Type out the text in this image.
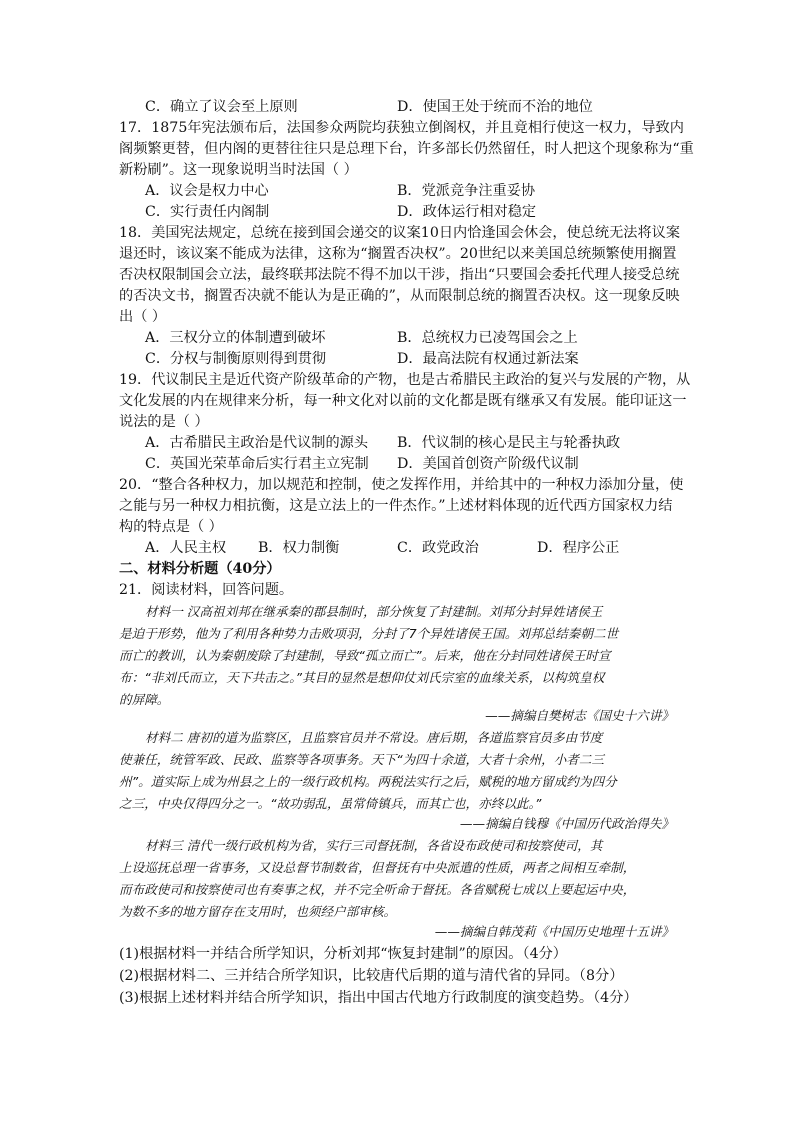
C．确立了议会至上原则	D．使国王处于统而不治的地位
17．1875年宪法颁布后，法国参众两院均获独立倒阁权，并且竟相行使这一权力，导致内
阁频繁更替，但内阁的更替往往只是总理下台，许多部长仍然留任，时人把这个现象称为“重
新粉刷”。这一现象说明当时法国（ ）
A．议会是权力中心	B．党派竞争注重妥协
C．实行责任内阁制	D．政体运行相对稳定
18．美国宪法规定，总统在接到国会递交的议案10日内恰逢国会休会，使总统无法将议案
退还时，该议案不能成为法律，这称为“搁置否决权”。20世纪以来美国总统频繁使用搁置
否决权限制国会立法，最终联邦法院不得不加以干涉，指出“只要国会委托代理人接受总统
的否决文书，搁置否决就不能认为是正确的”，从而限制总统的搁置否决权。这一现象反映
出（ ）
A．三权分立的体制遭到破坏	B．总统权力已凌驾国会之上
C．分权与制衡原则得到贯彻	D．最高法院有权通过新法案
19．代议制民主是近代资产阶级革命的产物，也是古希腊民主政治的复兴与发展的产物，从
文化发展的内在规律来分析，每一种文化对以前的文化都是既有继承又有发展。能印证这一
说法的是（ ）
A．古希腊民主政治是代议制的源头 B．代议制的核心是民主与轮番执政
C．英国光荣革命后实行君主立宪制 D．美国首创资产阶级代议制
20．“整合各种权力，加以规范和控制，使之发挥作用，并给其中的一种权力添加分量，使
之能与另一种权力相抗衡，这是立法上的一件杰作。”上述材料体现的近代西方国家权力结
构的特点是（ ）
A．人民主权 B．权力制衡	C．政党政治	D．程序公正
二、材料分析题（40分）
21．阅读材料，回答问题。
材料一 汉高祖刘邦在继承秦的郡县制时，部分恢复了封建制。刘邦分封异姓诸侯王
是迫于形势，他为了利用各种势力击败项羽，分封了7个异姓诸侯王国。刘邦总结秦朝二世
而亡的教训，认为秦朝废除了封建制，导致“孤立而亡”。后来，他在分封同姓诸侯王时宣
布：“非刘氏而立，天下共击之。”其目的显然是想仰仗刘氏宗室的血缘关系，以构筑皇权
的屏障。
——摘编自樊树志《国史十六讲》
材料二 唐初的道为监察区，且监察官员并不常设。唐后期，各道监察官员多由节度
使兼任，统管军政、民政、监察等各项事务。天下“为四十余道，大者十余州，小者二三
州”。道实际上成为州县之上的一级行政机构。两税法实行之后，赋税的地方留成约为四分
之三，中央仅得四分之一。“故功弱乱，虽常倚镇兵，而其亡也，亦终以此。”
——摘编自钱穆《中国历代政治得失》
材料三 清代一级行政机构为省，实行三司督抚制，各省设布政使司和按察使司，其
上设巡抚总理一省事务，又设总督节制数省，但督抚有中央派遣的性质，两者之间相互牵制，
而布政使司和按察使司也有奏事之权，并不完全听命于督抚。各省赋税七成以上要起运中央，
为数不多的地方留存在支用时，也须经户部审核。
——摘编自韩茂莉《中国历史地理十五讲》
(1)根据材料一并结合所学知识，分析刘邦“恢复封建制”的原因。（4分）
(2)根据材料二、三并结合所学知识，比较唐代后期的道与清代省的异同。（8分）
(3)根据上述材料并结合所学知识，指出中国古代地方行政制度的演变趋势。（4分）
